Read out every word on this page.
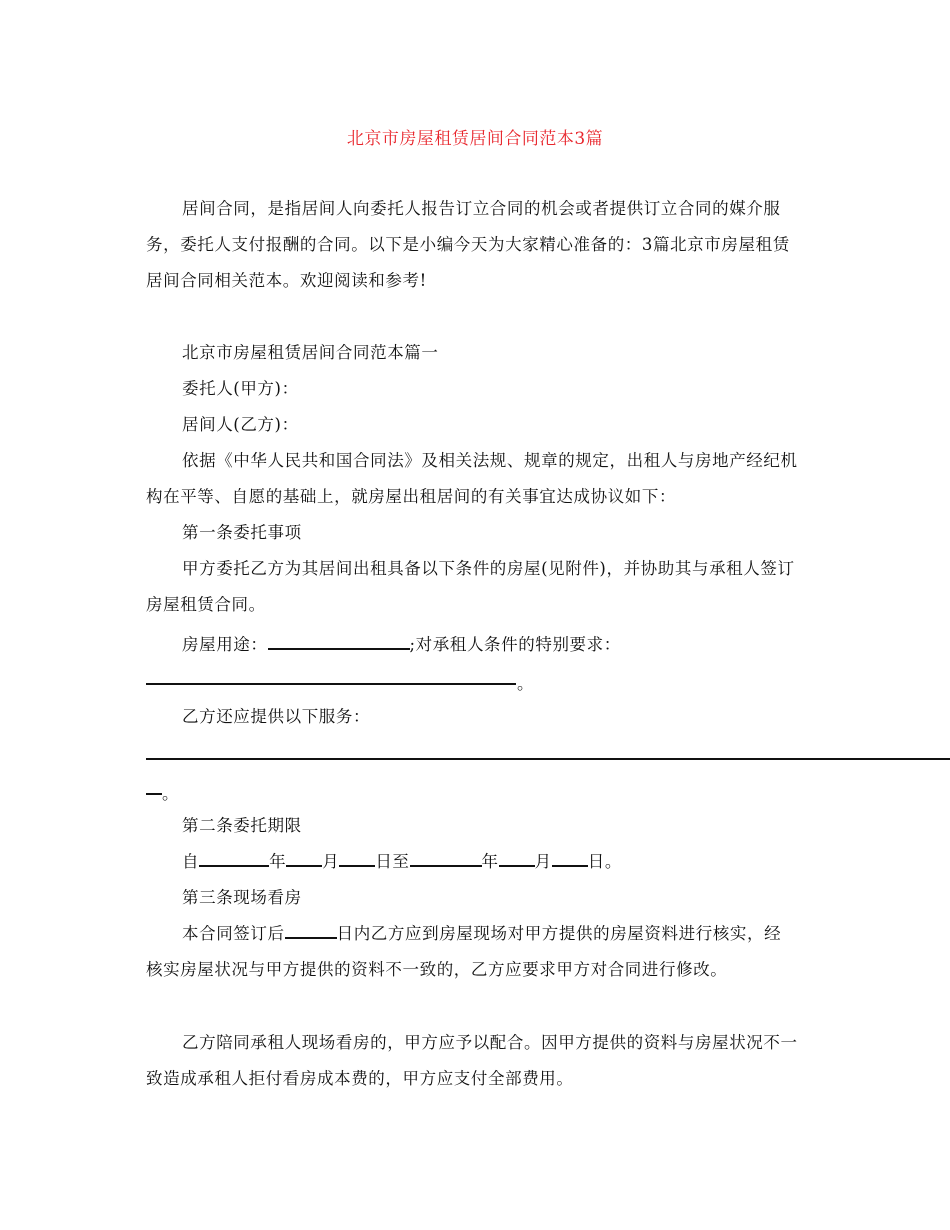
北京市房屋租赁居间合同范本3篇

居间合同，是指居间人向委托人报告订立合同的机会或者提供订立合同的媒介服务，委托人支付报酬的合同。以下是小编今天为大家精心准备的：3篇北京市房屋租赁居间合同相关范本。欢迎阅读和参考!

北京市房屋租赁居间合同范本篇一
委托人(甲方)：
居间人(乙方)：

依据《中华人民共和国合同法》及相关法规、规章的规定，出租人与房地产经纪机构在平等、自愿的基础上，就房屋出租居间的有关事宜达成协议如下：

第一条委托事项

甲方委托乙方为其居间出租具备以下条件的房屋(见附件)，并协助其与承租人签订房屋租赁合同。

房屋用途：	;对承租人条件的特别要求：
。
乙方还应提供以下服务：
。
第二条委托期限
自	年 月 日至	年 月 日。
第三条现场看房

本合同签订后	日内乙方应到房屋现场对甲方提供的房屋资料进行核实，经核实房屋状况与甲方提供的资料不一致的，乙方应要求甲方对合同进行修改。

乙方陪同承租人现场看房的，甲方应予以配合。因甲方提供的资料与房屋状况不一致造成承租人拒付看房成本费的，甲方应支付全部费用。
